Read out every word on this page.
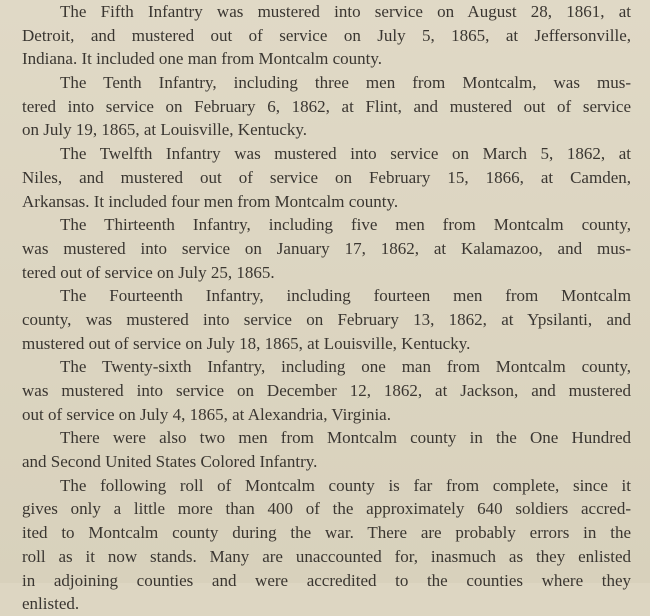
The Fifth Infantry was mustered into service on August 28, 1861, at
Detroit, and mustered out of service on July 5, 1865, at Jeffersonville,
Indiana. It included one man from Montcalm county.

The Tenth Infantry, including three men from Montcalm, was mus-
tered into service on February 6, 1862, at Flint, and mustered out of service
on July 19, 1865, at Louisville, Kentucky.

The Twelfth Infantry was mustered into service on March 5, 1862, at
Niles, and mustered out of service on February 15, 1866, at Camden,
Arkansas. It included four men from Montcalm county.

The Thirteenth Infantry, including five men from Montcalm county,
was mustered into service on January 17, 1862, at Kalamazoo, and mus-
tered out of service on July 25, 1865.

The Fourteenth Infantry, including fourteen men from Montcalm
county, was mustered into service on February 13, 1862, at Ypsilanti, and
mustered out of service on July 18, 1865, at Louisville, Kentucky.

The Twenty-sixth Infantry, including one man from Montcalm county,
was mustered into service on December 12, 1862, at Jackson, and mustered
out of service on July 4, 1865, at Alexandria, Virginia.

There were also two men from Montcalm county in the One Hundred
and Second United States Colored Infantry.

The following roll of Montcalm county is far from complete, since it
gives only a little more than 400 of the approximately 640 soldiers accred-
ited to Montcalm county during the war. There are probably errors in the
roll as it now stands. Many are unaccounted for, inasmuch as they enlisted
in adjoining counties and were accredited to the counties where they
enlisted.
